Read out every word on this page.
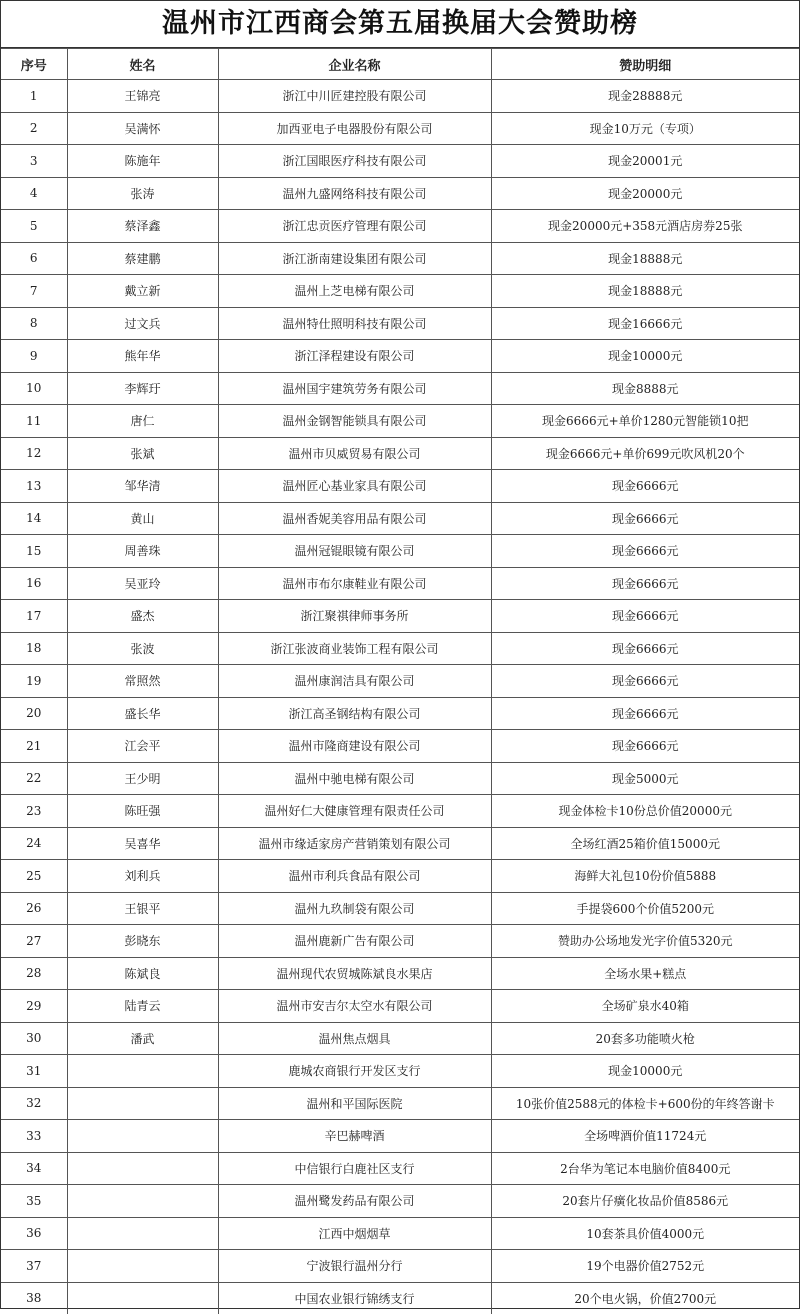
温州市江西商会第五届换届大会赞助榜
序号	姓名	企业名称	赞助明细
1	王锦亮	浙江中川匠建控股有限公司	现金28888元
2	吴满怀	加西亚电子电器股份有限公司	现金10万元（专项）
3	陈施年	浙江国眼医疗科技有限公司	现金20001元
4	张涛	温州九盛网络科技有限公司	现金20000元
5	蔡泽鑫	浙江忠贡医疗管理有限公司	现金20000元+358元酒店房券25张
6	蔡建鹏	浙江浙南建设集团有限公司	现金18888元
7	戴立新	温州上芝电梯有限公司	现金18888元
8	过文兵	温州特仕照明科技有限公司	现金16666元
9	熊年华	浙江泽程建设有限公司	现金10000元
10	李辉玗	温州国宇建筑劳务有限公司	现金8888元
11	唐仁	温州金钢智能锁具有限公司	现金6666元+单价1280元智能锁10把
12	张斌	温州市贝威贸易有限公司	现金6666元+单价699元吹风机20个
13	邹华清	温州匠心基业家具有限公司	现金6666元
14	黄山	温州香妮美容用品有限公司	现金6666元
15	周善珠	温州冠锟眼镜有限公司	现金6666元
16	吴亚玲	温州市布尔康鞋业有限公司	现金6666元
17	盛杰	浙江聚祺律师事务所	现金6666元
18	张波	浙江张波商业装饰工程有限公司	现金6666元
19	常照然	温州康润洁具有限公司	现金6666元
20	盛长华	浙江高圣钢结构有限公司	现金6666元
21	江会平	温州市隆商建设有限公司	现金6666元
22	王少明	温州中驰电梯有限公司	现金5000元
23	陈旺强	温州好仁大健康管理有限责任公司	现金体检卡10份总价值20000元
24	吴喜华	温州市缘适家房产营销策划有限公司	全场红酒25箱价值15000元
25	刘利兵	温州市利兵食品有限公司	海鲜大礼包10份价值5888
26	王银平	温州九玖制袋有限公司	手提袋600个价值5200元
27	彭晓东	温州鹿新广告有限公司	赞助办公场地发光字价值5320元
28	陈斌良	温州现代农贸城陈斌良水果店	全场水果+糕点
29	陆青云	温州市安吉尔太空水有限公司	全场矿泉水40箱
30	潘武	温州焦点烟具	20套多功能喷火枪
31		鹿城农商银行开发区支行	现金10000元
32		温州和平国际医院	10张价值2588元的体检卡+600份的年终答谢卡
33		辛巴赫啤酒	全场啤酒价值11724元
34		中信银行白鹿社区支行	2台华为笔记本电脑价值8400元
35		温州鹭发药品有限公司	20套片仔癀化妆品价值8586元
36		江西中烟烟草	10套茶具价值4000元
37		宁波银行温州分行	19个电器价值2752元
38		中国农业银行锦绣支行	20个电火锅，价值2700元
